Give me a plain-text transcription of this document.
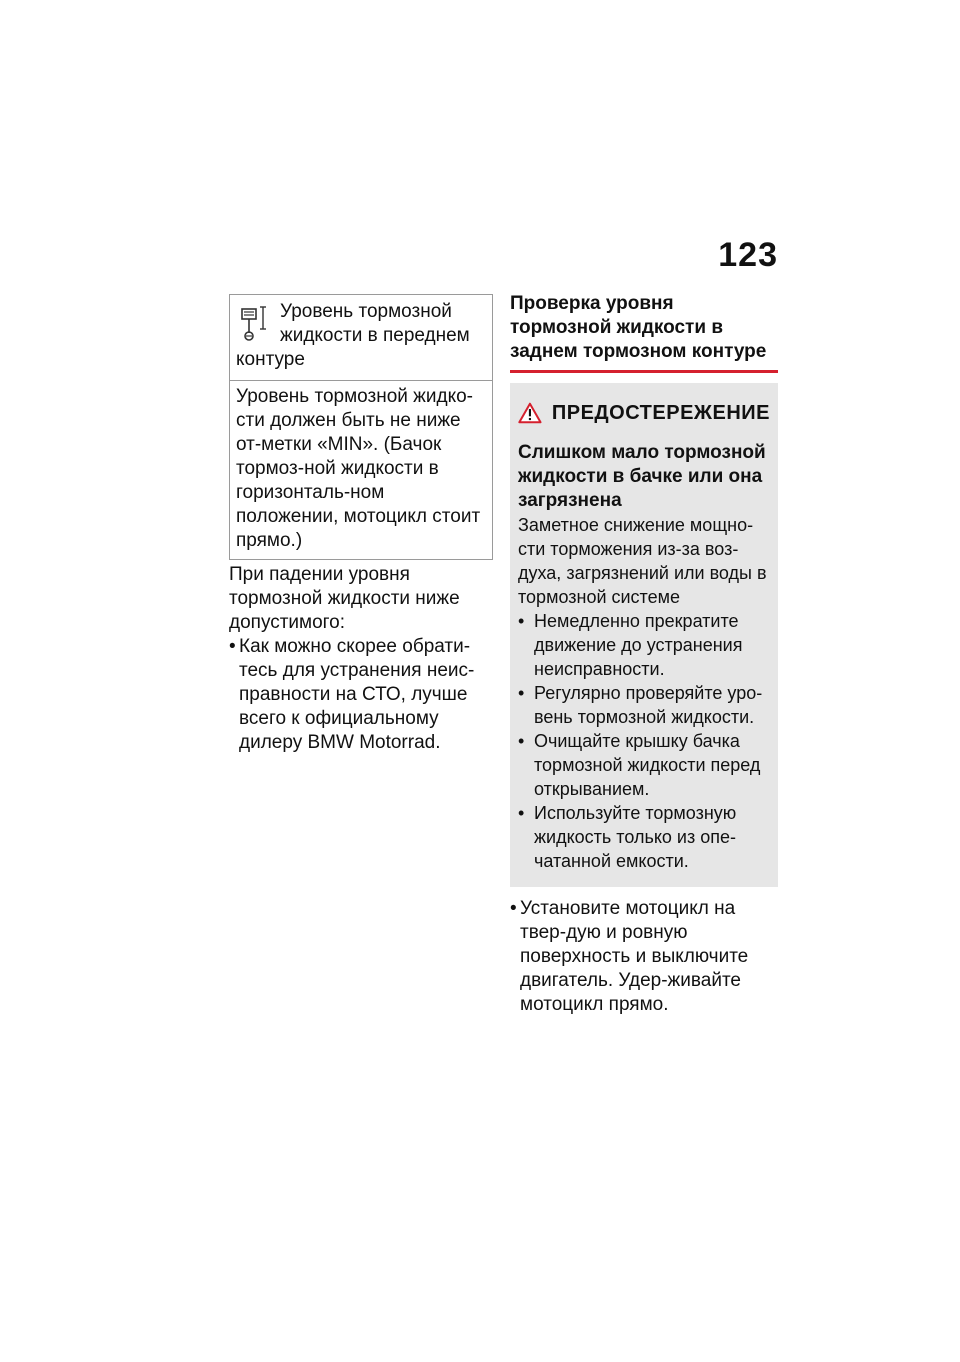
123
Уровень тормозной
жидкости в переднем
контуре
Уровень тормозной жидко-сти должен быть не ниже от-метки «MIN». (Бачок тормоз-ной жидкости в горизонталь-ном положении, мотоцикл стоит прямо.)
При падении уровня тормозной жидкости ниже допустимого:
• Как можно скорее обрати-тесь для устранения неис-правности на СТО, лучше всего к официальному дилеру BMW Motorrad.
Проверка уровня тормозной жидкости в заднем тормозном контуре
ПРЕДОСТЕРЕЖЕНИЕ
Слишком мало тормозной жидкости в бачке или она загрязнена
Заметное снижение мощно-сти торможения из-за воз-духа, загрязнений или воды в тормозной системе
• Немедленно прекратите движение до устранения неисправности.
• Регулярно проверяйте уро-вень тормозной жидкости.
• Очищайте крышку бачка тормозной жидкости перед открыванием.
• Используйте тормозную жидкость только из опе-чатанной емкости.
• Установите мотоцикл на твер-дую и ровную поверхность и выключите двигатель. Удер-живайте мотоцикл прямо.
